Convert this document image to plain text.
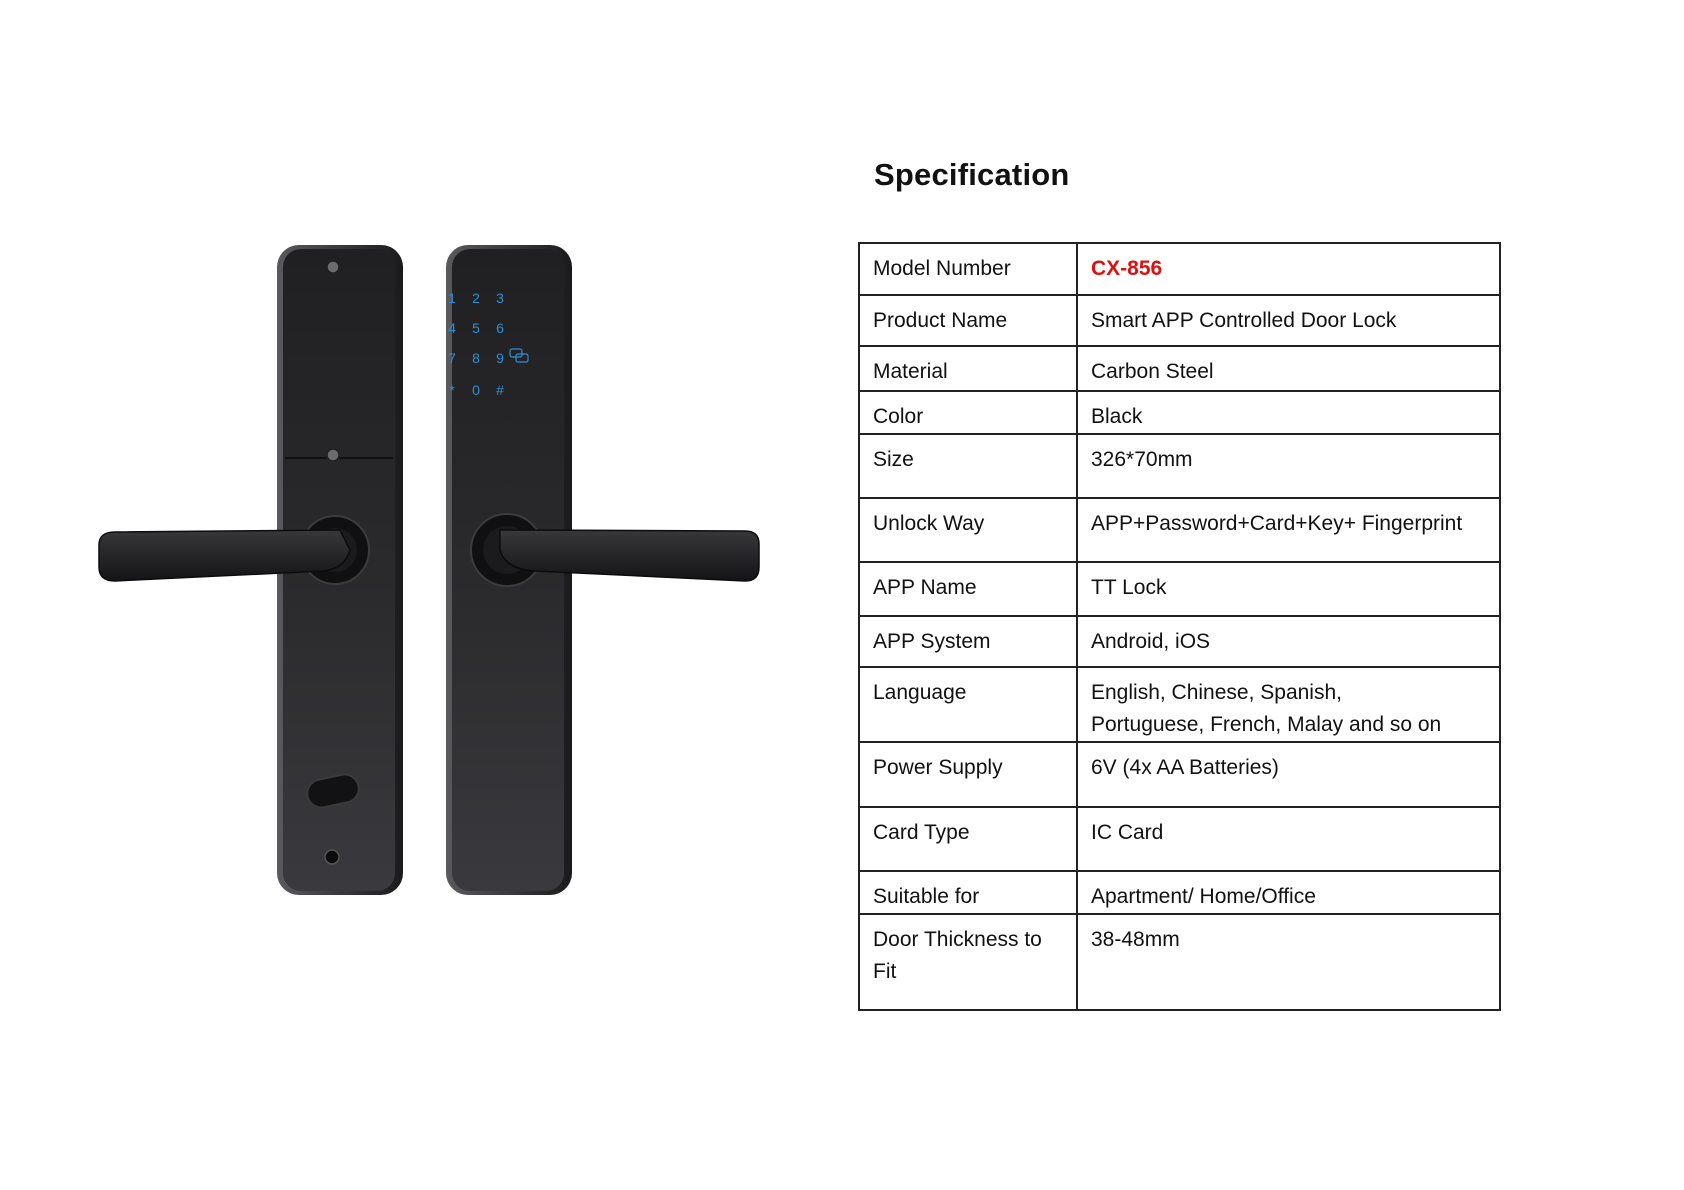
1 2 3
4 5 6
7 8 9
* 0 #
Specification
Model Number	CX-856
Product Name	Smart APP Controlled Door Lock
Material	Carbon Steel
Color	Black
Size	326*70mm
Unlock Way	APP+Password+Card+Key+ Fingerprint
APP Name	TT Lock
APP System	Android, iOS
Language	English, Chinese, Spanish,
Portuguese, French, Malay and so on

Power Supply	6V (4x AA Batteries)
Card Type	IC Card
Suitable for	Apartment/ Home/Office

Door Thickness to
Fit	38-48mm
